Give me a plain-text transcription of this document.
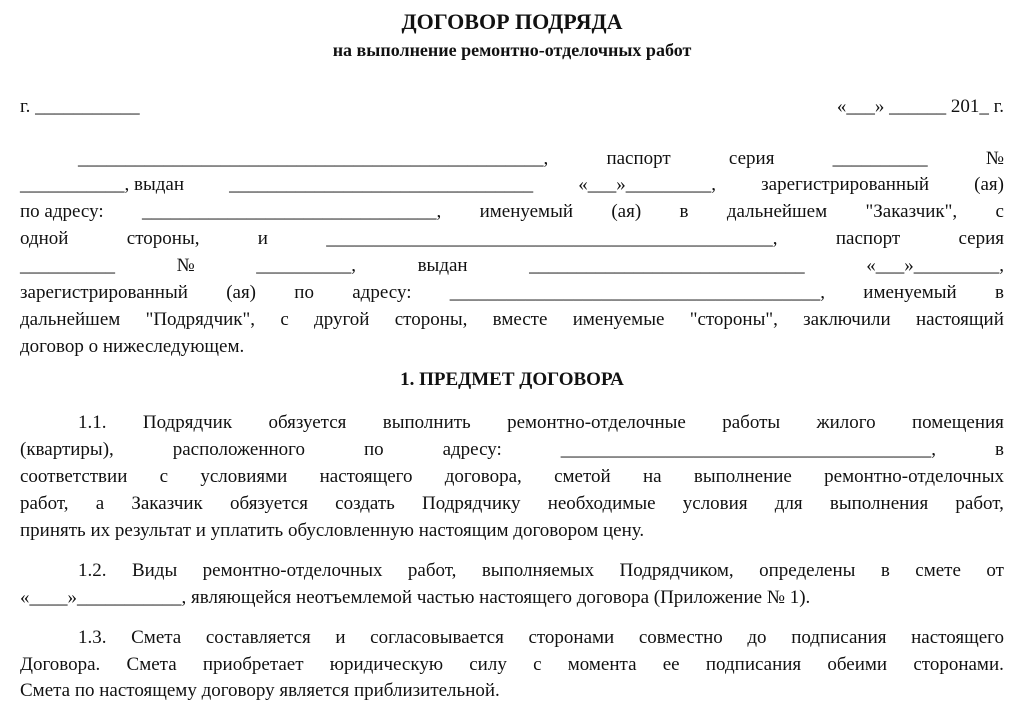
ДОГОВОР ПОДРЯДА
на выполнение ремонтно-отделочных работ
г. ___________	«___» ______ 201_ г.
_________________________________________________,	паспорт	серия	__________	№
___________, выдан ________________________________ «___»_________, зарегистрированный (ая)
по адресу: _______________________________, именуемый (ая) в дальнейшем "Заказчик", с
одной	стороны,	и	_______________________________________________,	паспорт	серия
__________	№	__________,	выдан	_____________________________	«___»_________,
зарегистрированный (ая) по адресу: _______________________________________, именуемый в
дальнейшем "Подрядчик", с другой стороны, вместе именуемые "стороны", заключили настоящий
договор о нижеследующем.
1. ПРЕДМЕТ ДОГОВОРА
1.1. Подрядчик обязуется выполнить ремонтно-отделочные работы жилого помещения
(квартиры),	расположенного	по	адресу:	_______________________________________,	в
соответствии с условиями настоящего договора, сметой на выполнение ремонтно-отделочных
работ, а Заказчик обязуется создать Подрядчику необходимые условия для выполнения работ,
принять их результат и уплатить обусловленную настоящим договором цену.
1.2. Виды ремонтно-отделочных работ, выполняемых Подрядчиком, определены в смете от
«____»___________, являющейся неотъемлемой частью настоящего договора (Приложение № 1).
1.3. Смета составляется и согласовывается сторонами совместно до подписания настоящего
Договора. Смета приобретает юридическую силу с момента ее подписания обеими сторонами.
Смета по настоящему договору является приблизительной.
